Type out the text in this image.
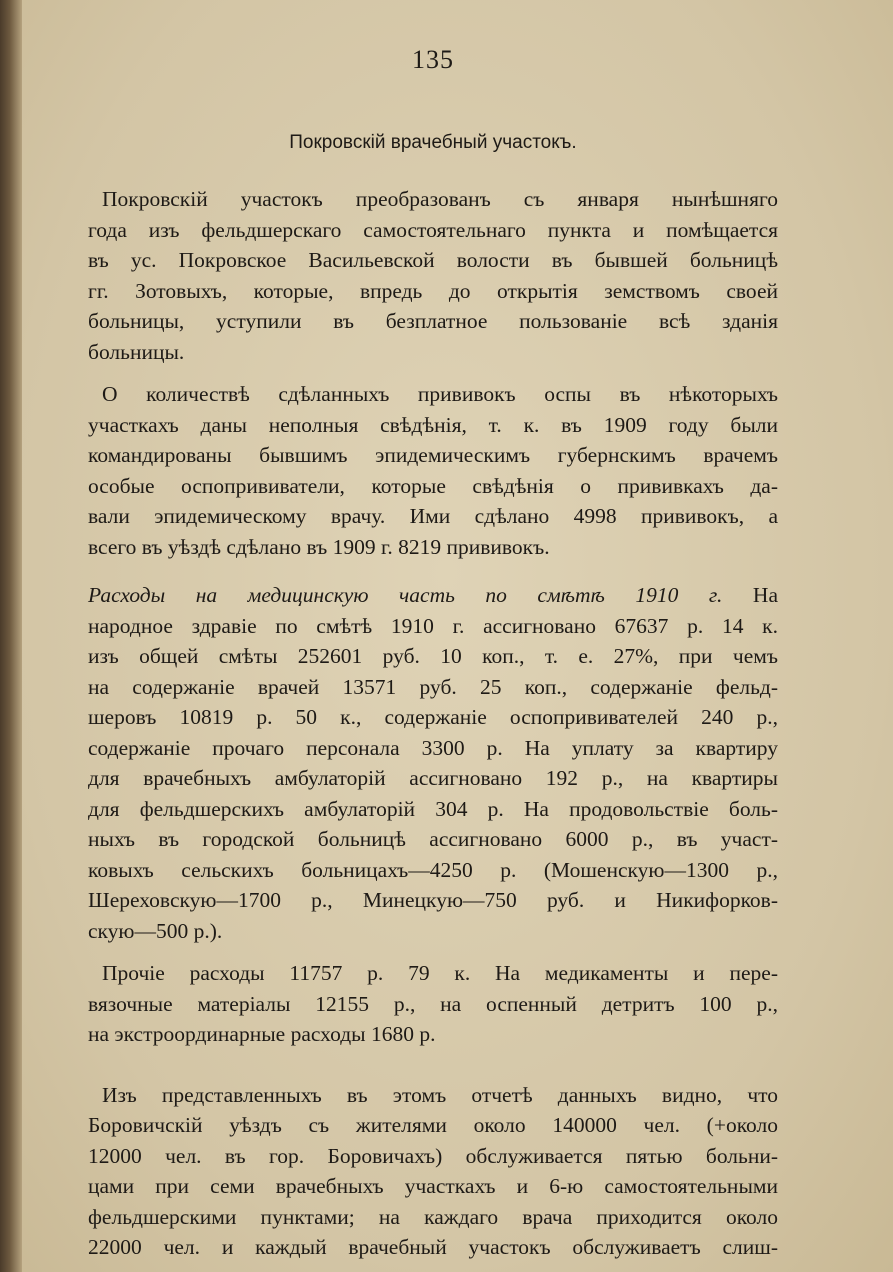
135
Покровскій врачебный участокъ.
Покровскій участокъ преобразованъ съ января нынѣшняго
года изъ фельдшерскаго самостоятельнаго пункта и помѣщается
въ ус. Покровское Васильевской волости въ бывшей больницѣ
гг. Зотовыхъ, которые, впредь до открытія земствомъ своей
больницы, уступили въ безплатное пользованіе всѣ зданія
больницы.
О количествѣ сдѣланныхъ прививокъ оспы въ нѣкоторыхъ
участкахъ даны неполныя свѣдѣнія, т. к. въ 1909 году были
командированы бывшимъ эпидемическимъ губернскимъ врачемъ
особые оспопрививатели, которые свѣдѣнія о прививкахъ да-
вали эпидемическому врачу. Ими сдѣлано 4998 прививокъ, а
всего въ уѣздѣ сдѣлано въ 1909 г. 8219 прививокъ.
Расходы на медицинскую часть по смѣтѣ 1910 г. На
народное здравіе по смѣтѣ 1910 г. ассигновано 67637 р. 14 к.
изъ общей смѣты 252601 руб. 10 коп., т. е. 27%, при чемъ
на содержаніе врачей 13571 руб. 25 коп., содержаніе фельд-
шеровъ 10819 р. 50 к., содержаніе оспопрививателей 240 р.,
содержаніе прочаго персонала 3300 р. На уплату за квартиру
для врачебныхъ амбулаторій ассигновано 192 р., на квартиры
для фельдшерскихъ амбулаторій 304 р. На продовольствіе боль-
ныхъ въ городской больницѣ ассигновано 6000 р., въ участ-
ковыхъ сельскихъ больницахъ—4250 р. (Мошенскую—1300 р.,
Шереховскую—1700 р., Минецкую—750 руб. и Никифорков-
скую—500 р.).
Прочіе расходы 11757 р. 79 к. На медикаменты и пере-
вязочные матеріалы 12155 р., на оспенный детритъ 100 р.,
на экстроординарные расходы 1680 р.
Изъ представленныхъ въ этомъ отчетѣ данныхъ видно, что
Боровичскій уѣздъ съ жителями около 140000 чел. (+около
12000 чел. въ гор. Боровичахъ) обслуживается пятью больни-
цами при семи врачебныхъ участкахъ и 6-ю самостоятельными
фельдшерскими пунктами; на каждаго врача приходится около
22000 чел. и каждый врачебный участокъ обслуживаетъ слиш-
